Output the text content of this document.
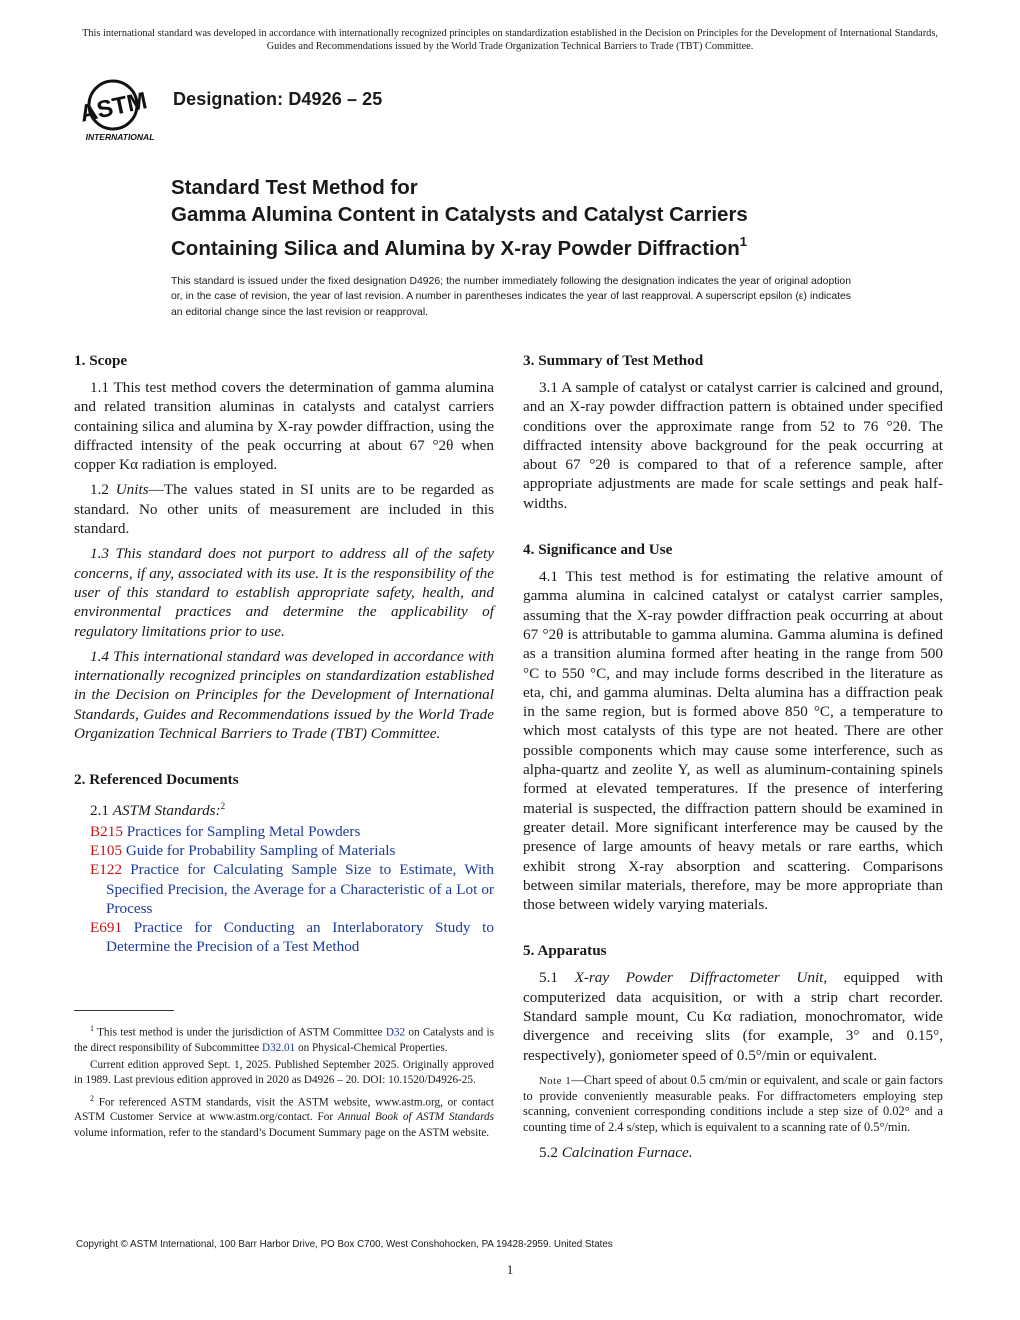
This international standard was developed in accordance with internationally recognized principles on standardization established in the Decision on Principles for the Development of International Standards, Guides and Recommendations issued by the World Trade Organization Technical Barriers to Trade (TBT) Committee.
ASTM
INTERNATIONAL
Designation: D4926 – 25
Standard Test Method for
Gamma Alumina Content in Catalysts and Catalyst Carriers
Containing Silica and Alumina by X-ray Powder Diffraction$^1$
This standard is issued under the fixed designation D4926; the number immediately following the designation indicates the year of original adoption or, in the case of revision, the year of last revision. A number in parentheses indicates the year of last reapproval. A superscript epsilon (ε) indicates an editorial change since the last revision or reapproval.
1. Scope

1.1 This test method covers the determination of gamma alumina and related transition aluminas in catalysts and catalyst carriers containing silica and alumina by X-ray powder diffraction, using the diffracted intensity of the peak occurring at about 67 °2θ when copper Kα radiation is employed.

1.2 Units—The values stated in SI units are to be regarded as standard. No other units of measurement are included in this standard.

1.3 This standard does not purport to address all of the safety concerns, if any, associated with its use. It is the responsibility of the user of this standard to establish appropriate safety, health, and environmental practices and determine the applicability of regulatory limitations prior to use.

1.4 This international standard was developed in accordance with internationally recognized principles on standardization established in the Decision on Principles for the Development of International Standards, Guides and Recommendations issued by the World Trade Organization Technical Barriers to Trade (TBT) Committee.

2. Referenced Documents
2.1 ASTM Standards:$^2$
B215 Practices for Sampling Metal Powders
E105 Guide for Probability Sampling of Materials
E122 Practice for Calculating Sample Size to Estimate, With Specified Precision, the Average for a Characteristic of a Lot or Process
E691 Practice for Conducting an Interlaboratory Study to Determine the Precision of a Test Method
3. Summary of Test Method

3.1 A sample of catalyst or catalyst carrier is calcined and ground, and an X-ray powder diffraction pattern is obtained under specified conditions over the approximate range from 52 to 76 °2θ. The diffracted intensity above background for the peak occurring at about 67 °2θ is compared to that of a reference sample, after appropriate adjustments are made for scale settings and peak half-widths.

4. Significance and Use

4.1 This test method is for estimating the relative amount of gamma alumina in calcined catalyst or catalyst carrier samples, assuming that the X-ray powder diffraction peak occurring at about 67 °2θ is attributable to gamma alumina. Gamma alumina is defined as a transition alumina formed after heating in the range from 500 °C to 550 °C, and may include forms described in the literature as eta, chi, and gamma aluminas. Delta alumina has a diffraction peak in the same region, but is formed above 850 °C, a temperature to which most catalysts of this type are not heated. There are other possible components which may cause some interference, such as alpha-quartz and zeolite Y, as well as aluminum-containing spinels formed at elevated temperatures. If the presence of interfering material is suspected, the diffraction pattern should be examined in greater detail. More significant interference may be caused by the presence of large amounts of heavy metals or rare earths, which exhibit strong X-ray absorption and scattering. Comparisons between similar materials, therefore, may be more appropriate than those between widely varying materials.

5. Apparatus

5.1 X-ray Powder Diffractometer Unit, equipped with computerized data acquisition, or with a strip chart recorder. Standard sample mount, Cu Kα radiation, monochromator, wide divergence and receiving slits (for example, 3° and 0.15°, respectively), goniometer speed of 0.5°/min or equivalent.

Note 1—Chart speed of about 0.5 cm/min or equivalent, and scale or gain factors to provide conveniently measurable peaks. For diffractometers employing step scanning, convenient corresponding conditions include a step size of 0.02° and a counting time of 2.4 s/step, which is equivalent to a scanning rate of 0.5°/min.

5.2 Calcination Furnace.

$^1$ This test method is under the jurisdiction of ASTM Committee D32 on Catalysts and is the direct responsibility of Subcommittee D32.01 on Physical-Chemical Properties.
Current edition approved Sept. 1, 2025. Published September 2025. Originally approved in 1989. Last previous edition approved in 2020 as D4926 – 20. DOI: 10.1520/D4926-25.
$^2$ For referenced ASTM standards, visit the ASTM website, www.astm.org, or contact ASTM Customer Service at www.astm.org/contact. For Annual Book of ASTM Standards volume information, refer to the standard’s Document Summary page on the ASTM website.
Copyright © ASTM International, 100 Barr Harbor Drive, PO Box C700, West Conshohocken, PA 19428-2959. United States
1
